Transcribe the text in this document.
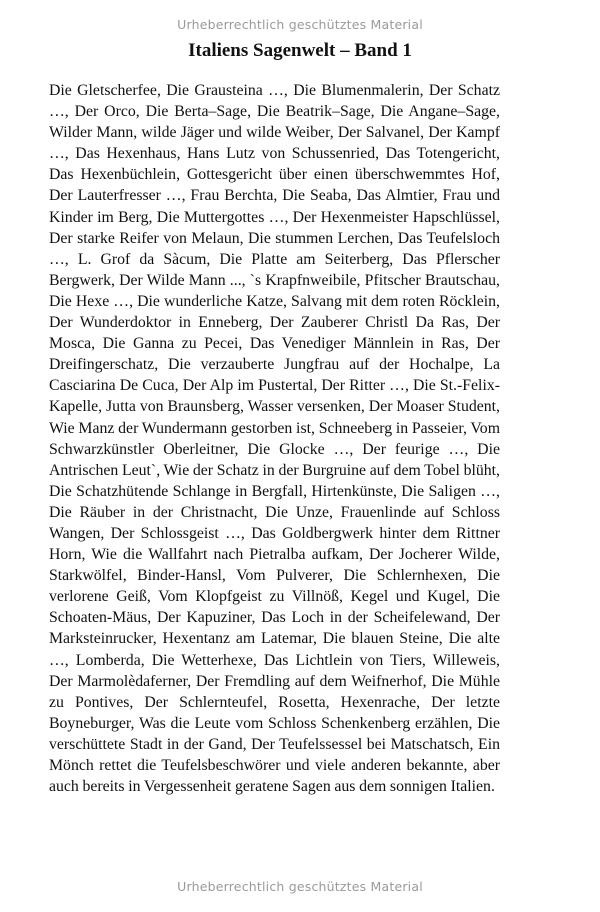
Urheberrechtlich geschütztes Material
Italiens Sagenwelt – Band 1
Die Gletscherfee, Die Grausteina …, Die Blumenmalerin, Der Schatz …, Der Orco, Die Berta–Sage, Die Beatrik–Sage, Die Angane–Sage, Wilder Mann, wilde Jäger und wilde Weiber, Der Salvanel, Der Kampf …, Das Hexenhaus, Hans Lutz von Schussenried, Das Totengericht, Das Hexenbüchlein, Gottesgericht über einen überschwemmtes Hof, Der Lauterfresser …, Frau Berchta, Die Seaba, Das Almtier, Frau und Kinder im Berg, Die Muttergottes …, Der Hexenmeister Hapschlüssel, Der starke Reifer von Melaun, Die stummen Lerchen, Das Teufelsloch …, L. Grof da Sàcum, Die Platte am Seiterberg, Das Pflerscher Bergwerk, Der Wilde Mann ..., `s Krapfnweibile, Pfitscher Brautschau, Die Hexe …, Die wunderliche Katze, Salvang mit dem roten Röcklein, Der Wunderdoktor in Enneberg, Der Zauberer Christl Da Ras, Der Mosca, Die Ganna zu Pecei, Das Venediger Männlein in Ras, Der Dreifingerschatz, Die verzauberte Jungfrau auf der Hochalpe, La Casciarina De Cuca, Der Alp im Pustertal, Der Ritter …, Die St.-Felix-Kapelle, Jutta von Braunsberg, Wasser versenken, Der Moaser Student, Wie Manz der Wundermann gestorben ist, Schneeberg in Passeier, Vom Schwarzkünstler Oberleitner, Die Glocke …, Der feurige …, Die Antrischen Leut`, Wie der Schatz in der Burgruine auf dem Tobel blüht, Die Schatzhütende Schlange in Bergfall, Hirtenkünste, Die Saligen …, Die Räuber in der Christnacht, Die Unze, Frauenlinde auf Schloss Wangen, Der Schlossgeist …, Das Goldbergwerk hinter dem Rittner Horn, Wie die Wallfahrt nach Pietralba aufkam, Der Jocherer Wilde, Starkwölfel, Binder-Hansl, Vom Pulverer, Die Schlernhexen, Die verlorene Geiß, Vom Klopfgeist zu Villnöß, Kegel und Kugel, Die Schoaten-Mäus, Der Kapuziner, Das Loch in der Scheifelewand, Der Marksteinrucker, Hexentanz am Latemar, Die blauen Steine, Die alte …, Lomberda, Die Wetterhexe, Das Lichtlein von Tiers, Willeweis, Der Marmolèdaferner, Der Fremdling auf dem Weifnerhof, Die Mühle zu Pontives, Der Schlernteufel, Rosetta, Hexenrache, Der letzte Boyneburger, Was die Leute vom Schloss Schenkenberg erzählen, Die verschüttete Stadt in der Gand, Der Teufelssessel bei Matschatsch, Ein Mönch rettet die Teufelsbeschwörer und viele anderen bekannte, aber auch bereits in Vergessenheit geratene Sagen aus dem sonnigen Italien.
Urheberrechtlich geschütztes Material
